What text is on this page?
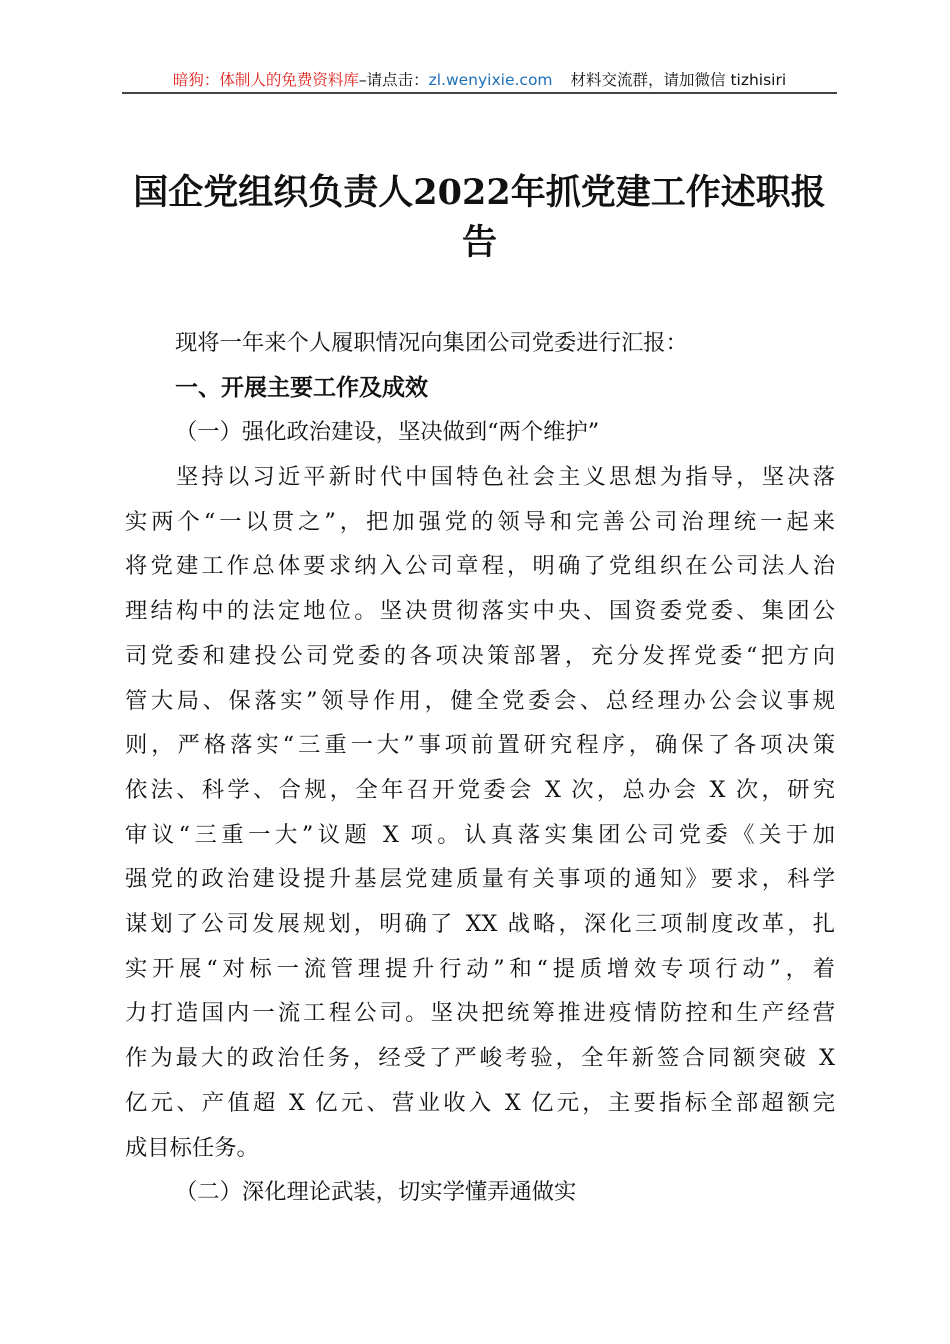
暗狗：体制人的免费资料库–请点击：zl.wenyixie.com 材料交流群，请加微信 tizhisiri
国企党组织负责人2022年抓党建工作述职报
告
现将一年来个人履职情况向集团公司党委进行汇报：
一、开展主要工作及成效
（一）强化政治建设，坚决做到“两个维护”
　　坚持以习近平新时代中国特色社会主义思想为指导，坚决落
实两个“一以贯之”，把加强党的领导和完善公司治理统一起来
将党建工作总体要求纳入公司章程，明确了党组织在公司法人治
理结构中的法定地位。坚决贯彻落实中央、国资委党委、集团公
司党委和建投公司党委的各项决策部署，充分发挥党委“把方向
管大局、保落实”领导作用，健全党委会、总经理办公会议事规
则，严格落实“三重一大”事项前置研究程序，确保了各项决策
依法、科学、合规，全年召开党委会 X 次，总办会 X 次，研究
审议“三重一大”议题 X 项。认真落实集团公司党委《关于加
强党的政治建设提升基层党建质量有关事项的通知》要求，科学
谋划了公司发展规划，明确了 XX 战略，深化三项制度改革，扎
实开展“对标一流管理提升行动”和“提质增效专项行动”，着
力打造国内一流工程公司。坚决把统筹推进疫情防控和生产经营
作为最大的政治任务，经受了严峻考验，全年新签合同额突破 X
亿元、产值超 X 亿元、营业收入 X 亿元，主要指标全部超额完
成目标任务。
（二）深化理论武装，切实学懂弄通做实
